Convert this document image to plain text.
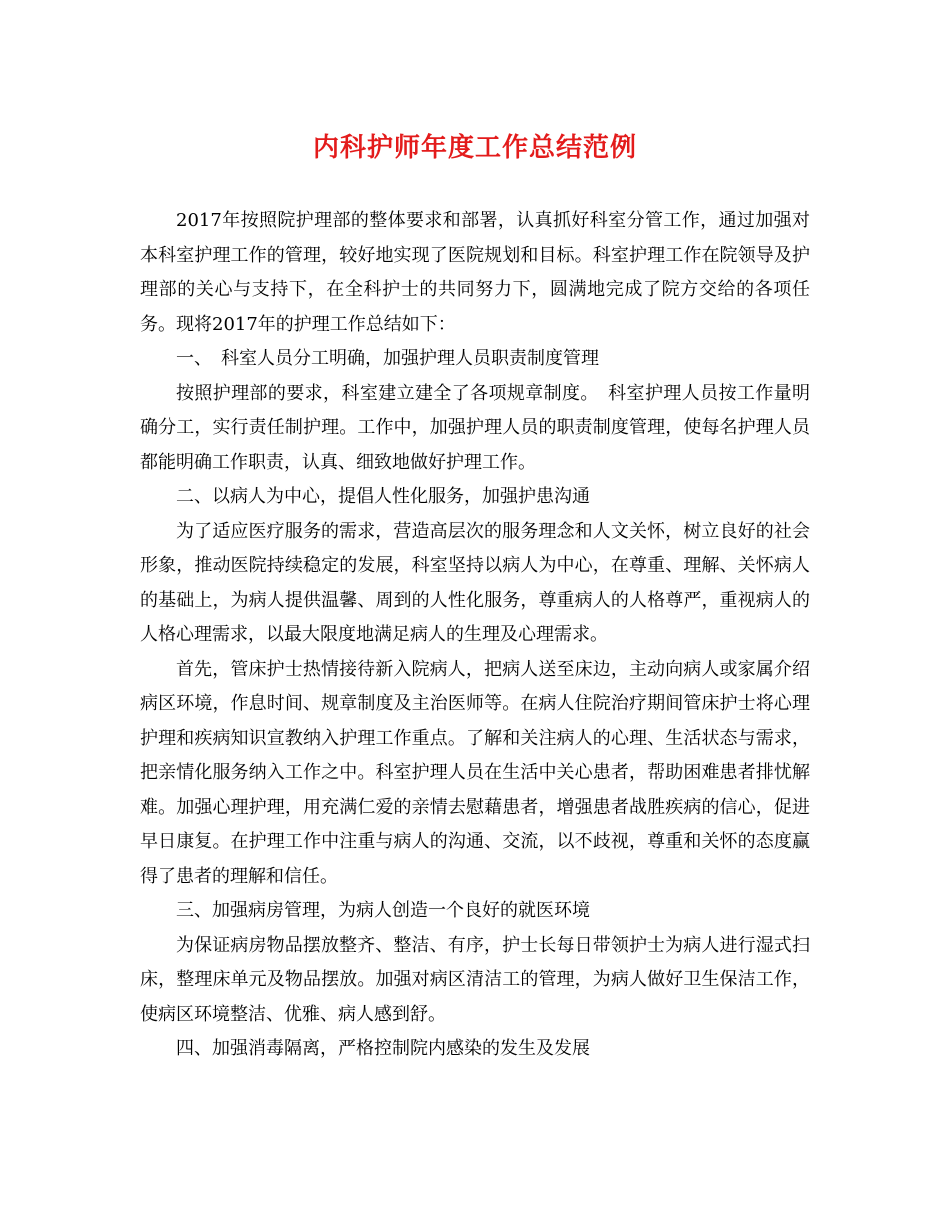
内科护师年度工作总结范例

2017年按照院护理部的整体要求和部署，认真抓好科室分管工作，通过加强对本科室护理工作的管理，较好地实现了医院规划和目标。科室护理工作在院领导及护理部的关心与支持下，在全科护士的共同努力下，圆满地完成了院方交给的各项任务。现将2017年的护理工作总结如下：

一、　科室人员分工明确，加强护理人员职责制度管理

按照护理部的要求，科室建立建全了各项规章制度。　科室护理人员按工作量明确分工，实行责任制护理。工作中，加强护理人员的职责制度管理，使每名护理人员都能明确工作职责，认真、细致地做好护理工作。

二、以病人为中心，提倡人性化服务，加强护患沟通

为了适应医疗服务的需求，营造高层次的服务理念和人文关怀，树立良好的社会形象，推动医院持续稳定的发展，科室坚持以病人为中心，在尊重、理解、关怀病人的基础上，为病人提供温馨、周到的人性化服务，尊重病人的人格尊严，重视病人的人格心理需求，以最大限度地满足病人的生理及心理需求。

首先，管床护士热情接待新入院病人，把病人送至床边，主动向病人或家属介绍病区环境，作息时间、规章制度及主治医师等。在病人住院治疗期间管床护士将心理护理和疾病知识宣教纳入护理工作重点。了解和关注病人的心理、生活状态与需求，把亲情化服务纳入工作之中。科室护理人员在生活中关心患者，帮助困难患者排忧解难。加强心理护理，用充满仁爱的亲情去慰藉患者，增强患者战胜疾病的信心，促进早日康复。在护理工作中注重与病人的沟通、交流，以不歧视，尊重和关怀的态度赢得了患者的理解和信任。

三、加强病房管理，为病人创造一个良好的就医环境

为保证病房物品摆放整齐、整洁、有序，护士长每日带领护士为病人进行湿式扫床，整理床单元及物品摆放。加强对病区清洁工的管理，为病人做好卫生保洁工作，使病区环境整洁、优雅、病人感到舒。

四、加强消毒隔离，严格控制院内感染的发生及发展
